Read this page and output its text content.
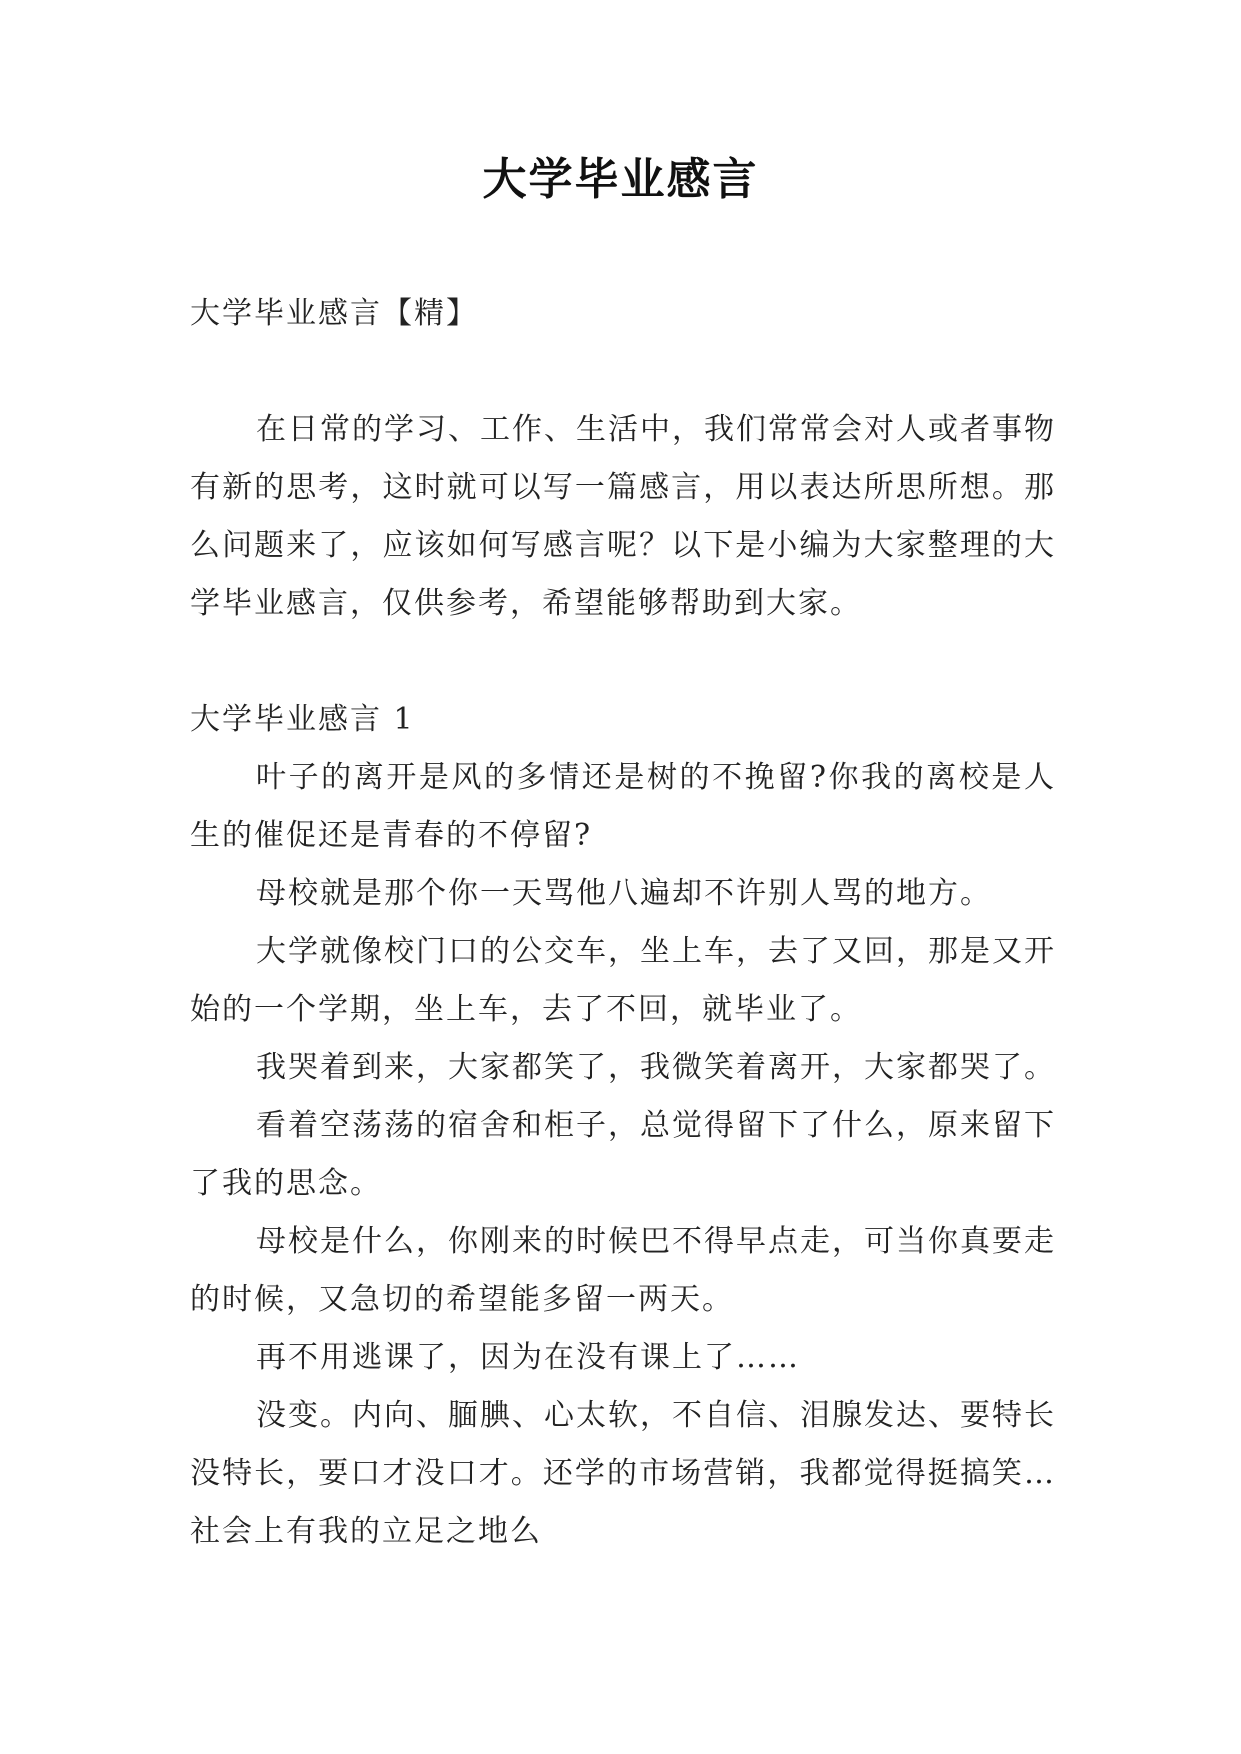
大学毕业感言

大学毕业感言【精】

在日常的学习、工作、生活中，我们常常会对人或者事物有新的思考，这时就可以写一篇感言，用以表达所思所想。那么问题来了，应该如何写感言呢？以下是小编为大家整理的大学毕业感言，仅供参考，希望能够帮助到大家。

大学毕业感言 1

叶子的离开是风的多情还是树的不挽留?你我的离校是人生的催促还是青春的不停留?

母校就是那个你一天骂他八遍却不许别人骂的地方。

大学就像校门口的公交车，坐上车，去了又回，那是又开始的一个学期，坐上车，去了不回，就毕业了。

我哭着到来，大家都笑了，我微笑着离开，大家都哭了。

看着空荡荡的宿舍和柜子，总觉得留下了什么，原来留下了我的思念。

母校是什么，你刚来的时候巴不得早点走，可当你真要走的时候，又急切的希望能多留一两天。

再不用逃课了，因为在没有课上了……

没变。内向、腼腆、心太软，不自信、泪腺发达、要特长没特长，要口才没口才。还学的市场营销，我都觉得挺搞笑…社会上有我的立足之地么
